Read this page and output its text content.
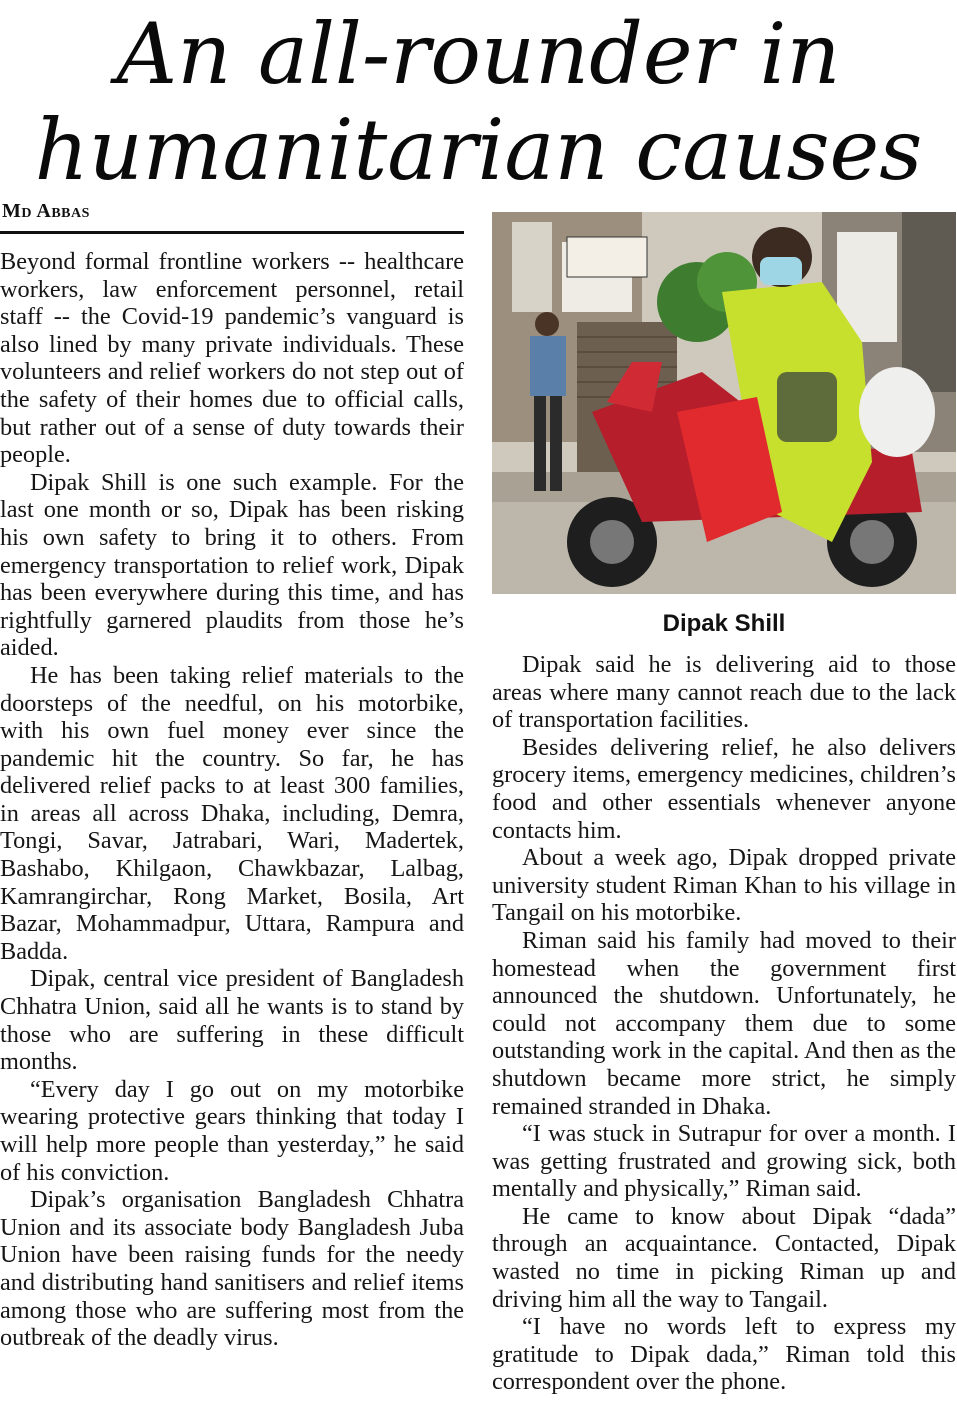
An all-rounder in
humanitarian causes
Md Abbas

Beyond formal frontline workers -- healthcare workers, law enforcement personnel, retail staff -- the Covid-19 pandemic’s vanguard is also lined by many private individuals. These volunteers and relief workers do not step out of the safety of their homes due to official calls, but rather out of a sense of duty towards their people.

Dipak Shill is one such example. For the last one month or so, Dipak has been risking his own safety to bring it to others. From emergency transportation to relief work, Dipak has been everywhere during this time, and has rightfully garnered plaudits from those he’s aided.

He has been taking relief materials to the doorsteps of the needful, on his motorbike, with his own fuel money ever since the pandemic hit the country. So far, he has delivered relief packs to at least 300 families, in areas all across Dhaka, including, Demra, Tongi, Savar, Jatrabari, Wari, Madertek, Bashabo, Khilgaon, Chawkbazar, Lalbag, Kamrangirchar, Rong Market, Bosila, Art Bazar, Mohammadpur, Uttara, Rampura and Badda.

Dipak, central vice president of Bangladesh Chhatra Union, said all he wants is to stand by those who are suffering in these difficult months.

“Every day I go out on my motorbike wearing protective gears thinking that today I will help more people than yesterday,” he said of his conviction.

Dipak’s organisation Bangladesh Chhatra Union and its associate body Bangladesh Juba Union have been raising funds for the needy and distributing hand sanitisers and relief items among those who are suffering most from the outbreak of the deadly virus.

Dipak Shill

Dipak said he is delivering aid to those areas where many cannot reach due to the lack of transportation facilities.

Besides delivering relief, he also delivers grocery items, emergency medicines, children’s food and other essentials whenever anyone contacts him.

About a week ago, Dipak dropped private university student Riman Khan to his village in Tangail on his motorbike.

Riman said his family had moved to their homestead when the government first announced the shutdown. Unfortunately, he could not accompany them due to some outstanding work in the capital. And then as the shutdown became more strict, he simply remained stranded in Dhaka.

“I was stuck in Sutrapur for over a month. I was getting frustrated and growing sick, both mentally and physically,” Riman said.

He came to know about Dipak “dada” through an acquaintance. Contacted, Dipak wasted no time in picking Riman up and driving him all the way to Tangail.

“I have no words left to express my gratitude to Dipak dada,” Riman told this correspondent over the phone.
